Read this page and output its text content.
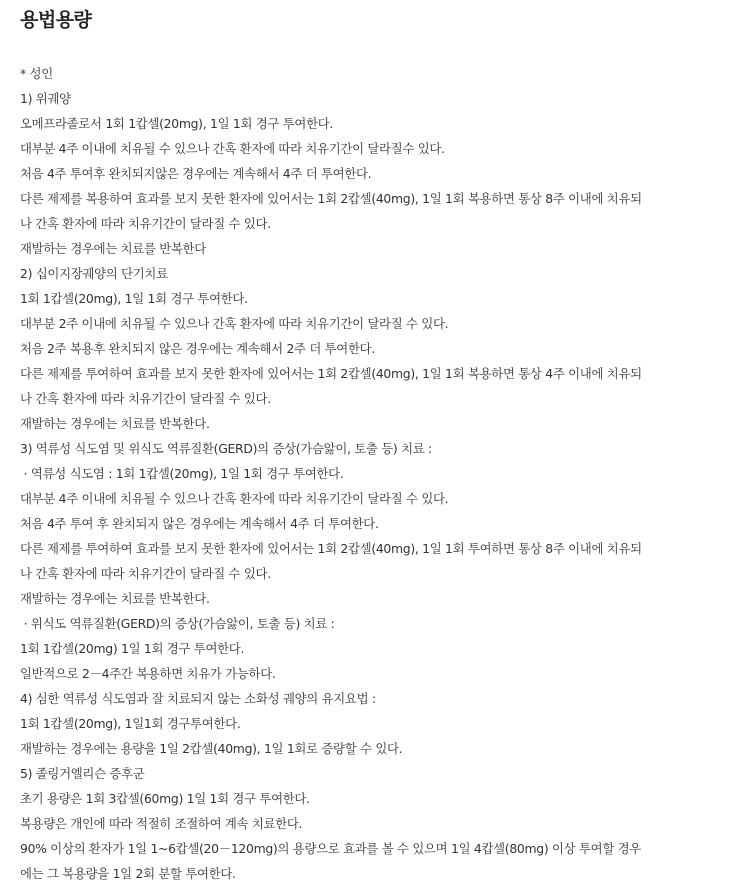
용법용량
* 성인
1) 위궤양
오메프라졸로서 1회 1캅셀(20mg), 1일 1회 경구 투여한다.
대부분 4주 이내에 치유될 수 있으나 간혹 환자에 따라 치유기간이 달라질수 있다.
처음 4주 투여후 완치되지않은 경우에는 계속해서 4주 더 투여한다.
다른 제제를 복용하여 효과를 보지 못한 환자에 있어서는 1회 2캅셀(40mg), 1일 1회 복용하면 통상 8주 이내에 치유되
나 간혹 환자에 따라 치유기간이 달라질 수 있다.
재발하는 경우에는 치료를 반복한다
2) 십이지장궤양의 단기치료
1회 1캅셀(20mg), 1일 1회 경구 투여한다.
대부분 2주 이내에 치유될 수 있으나 간혹 환자에 따라 치유기간이 달라질 수 있다.
처음 2주 복용후 완치되지 않은 경우에는 계속해서 2주 더 투여한다.
다른 제제를 투여하여 효과를 보지 못한 환자에 있어서는 1회 2캅셀(40mg), 1일 1회 복용하면 통상 4주 이내에 치유되
나 간혹 환자에 따라 치유기간이 달라질 수 있다.
재발하는 경우에는 치료를 반복한다.
3) 역류성 식도염 및 위식도 역류질환(GERD)의 증상(가슴앓이, 토출 등) 치료 :
· 역류성 식도염 : 1회 1캅셀(20mg), 1일 1회 경구 투여한다.
대부분 4주 이내에 치유될 수 있으나 간혹 환자에 따라 치유기간이 달라질 수 있다.
처음 4주 투여 후 완치되지 않은 경우에는 계속해서 4주 더 투여한다.
다른 제제를 투여하여 효과를 보지 못한 환자에 있어서는 1회 2캅셀(40mg), 1일 1회 투여하면 통상 8주 이내에 치유되
나 간혹 환자에 따라 치유기간이 달라질 수 있다.
재발하는 경우에는 치료를 반복한다.
· 위식도 역류질환(GERD)의 증상(가슴앓이, 토출 등) 치료 :
1회 1캅셀(20mg) 1일 1회 경구 투여한다.
일반적으로 2－4주간 복용하면 치유가 가능하다.
4) 심한 역류성 식도염과 잘 치료되지 않는 소화성 궤양의 유지요법 :
1회 1캅셀(20mg), 1일1회 경구투여한다.
재발하는 경우에는 용량을 1일 2캅셀(40mg), 1일 1회로 증량할 수 있다.
5) 졸링거엘리슨 증후군
초기 용량은 1회 3캅셀(60mg) 1일 1회 경구 투여한다.
복용량은 개인에 따라 적절히 조절하여 계속 치료한다.
90% 이상의 환자가 1일 1~6캅셀(20－120mg)의 용량으로 효과를 볼 수 있으며 1일 4캅셀(80mg) 이상 투여할 경우
에는 그 복용량을 1일 2회 분할 투여한다.
